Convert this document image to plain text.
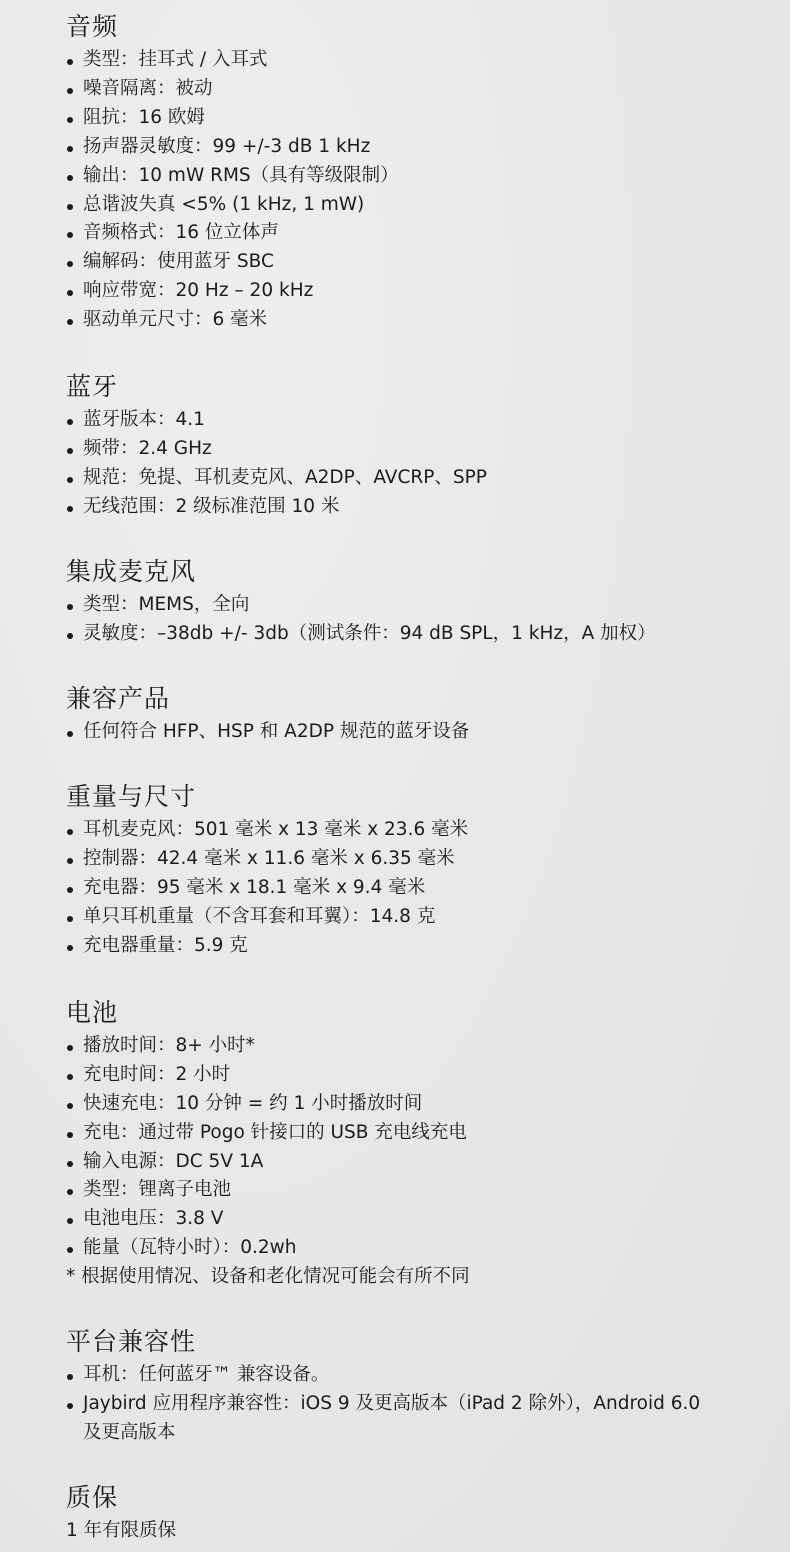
音频
类型：挂耳式 / 入耳式
噪音隔离：被动
阻抗：16 欧姆
扬声器灵敏度：99 +/-3 dB 1 kHz
输出：10 mW RMS（具有等级限制）
总谐波失真 <5% (1 kHz, 1 mW)
音频格式：16 位立体声
编解码：使用蓝牙 SBC
响应带宽：20 Hz – 20 kHz
驱动单元尺寸：6 毫米
蓝牙
蓝牙版本：4.1
频带：2.4 GHz
规范：免提、耳机麦克风、A2DP、AVCRP、SPP
无线范围：2 级标准范围 10 米
集成麦克风
类型：MEMS，全向
灵敏度：–38db +/- 3db（测试条件：94 dB SPL，1 kHz，A 加权）
兼容产品
任何符合 HFP、HSP 和 A2DP 规范的蓝牙设备
重量与尺寸
耳机麦克风：501 毫米 x 13 毫米 x 23.6 毫米
控制器：42.4 毫米 x 11.6 毫米 x 6.35 毫米
充电器：95 毫米 x 18.1 毫米 x 9.4 毫米
单只耳机重量（不含耳套和耳翼）：14.8 克
充电器重量：5.9 克
电池
播放时间：8+ 小时*
充电时间：2 小时
快速充电：10 分钟 = 约 1 小时播放时间
充电：通过带 Pogo 针接口的 USB 充电线充电
输入电源：DC 5V 1A
类型：锂离子电池
电池电压：3.8 V
能量（瓦特小时）：0.2wh
* 根据使用情况、设备和老化情况可能会有所不同
平台兼容性
耳机：任何蓝牙™ 兼容设备。
Jaybird 应用程序兼容性：iOS 9 及更高版本（iPad 2 除外），Android 6.0 及更高版本
质保
1 年有限质保
